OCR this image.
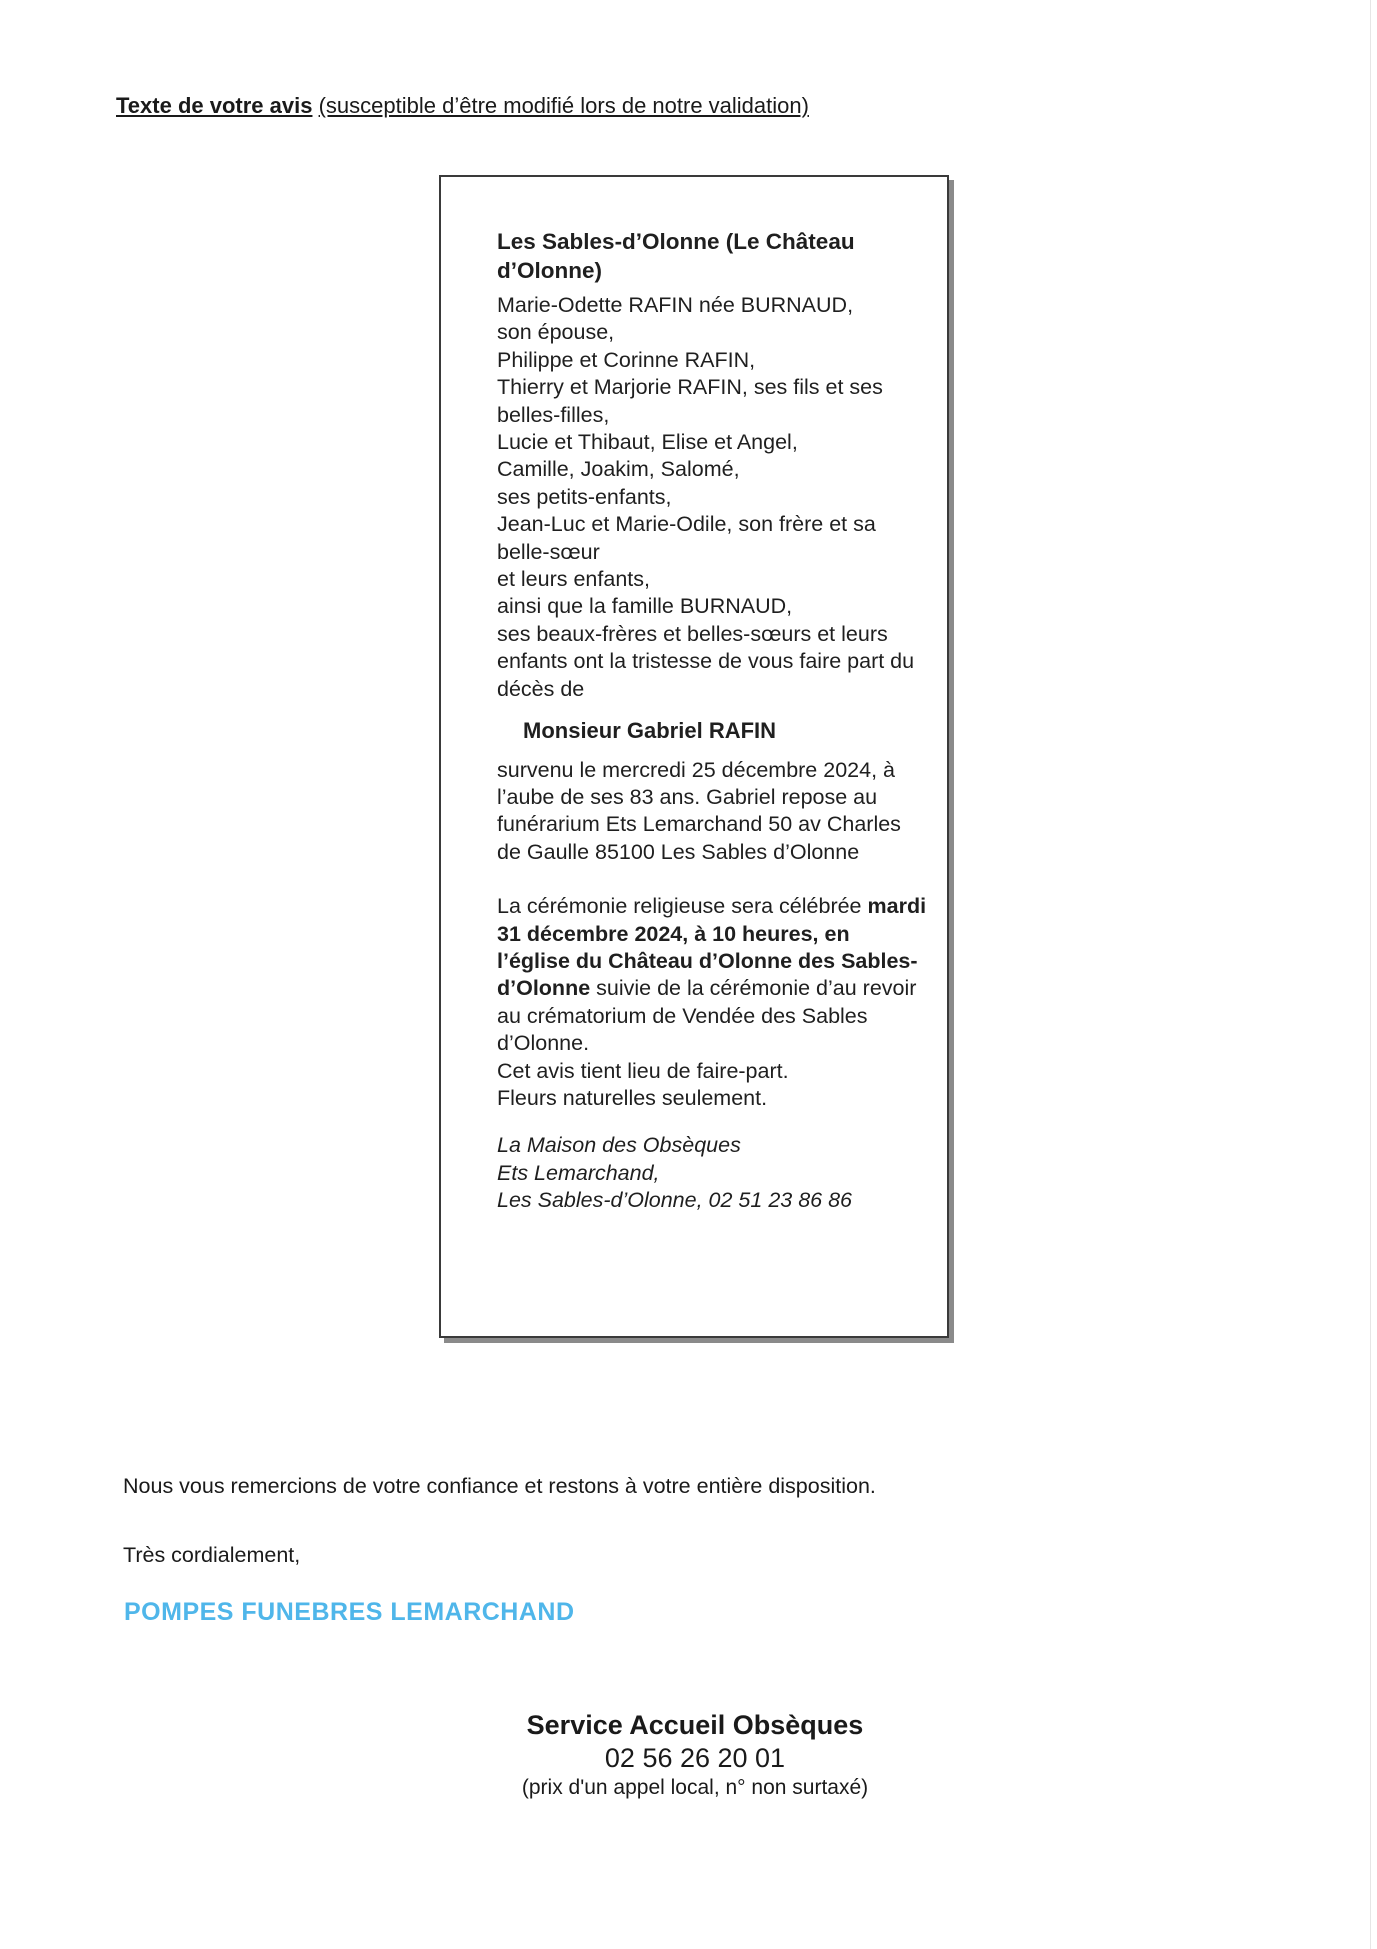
Texte de votre avis (susceptible d’être modifié lors de notre validation)
Les Sables-d’Olonne (Le Château d’Olonne)

Marie-Odette RAFIN née BURNAUD,

son épouse,

Philippe et Corinne RAFIN,

Thierry et Marjorie RAFIN, ses fils et ses belles-filles,

Lucie et Thibaut, Elise et Angel,

Camille, Joakim, Salomé,

ses petits-enfants,

Jean-Luc et Marie-Odile, son frère et sa belle-sœur

et leurs enfants,

ainsi que la famille BURNAUD,

ses beaux-frères et belles-sœurs et leurs enfants ont la tristesse de vous faire part du décès de

Monsieur Gabriel RAFIN

survenu le mercredi 25 décembre 2024, à l’aube de ses 83 ans. Gabriel repose au funérarium Ets Lemarchand 50 av Charles de Gaulle 85100 Les Sables d’Olonne

La cérémonie religieuse sera célébrée mardi 31 décembre 2024, à 10 heures, en l’église du Château d’Olonne des Sables-d’Olonne suivie de la cérémonie d’au revoir au crématorium de Vendée des Sables d’Olonne.

Cet avis tient lieu de faire-part.

Fleurs naturelles seulement.

La Maison des Obsèques

Ets Lemarchand,

Les Sables-d’Olonne, 02 51 23 86 86

Nous vous remercions de votre confiance et restons à votre entière disposition.
Très cordialement,
POMPES FUNEBRES LEMARCHAND
Service Accueil Obsèques
02 56 26 20 01
(prix d'un appel local, n° non surtaxé)
